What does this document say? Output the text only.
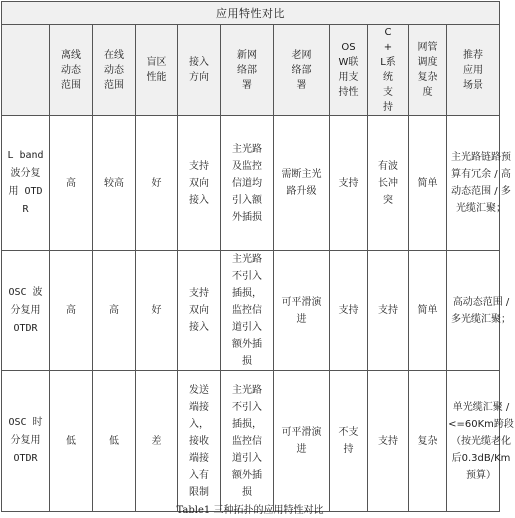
应用特性对比										
	离线动态范围	在线动态范围	盲区性能	接入方向	新网络部署	老网络部署	OSW联用支持性	C + L系统支持	网管调度复杂度	推荐应用场景
L band 波分复用 OTDR	高	较高	好	支持双向接入	主光路及监控信道均引入额外插损	需断主光路升级	支持	有波长冲突	简单	主光路链路预算有冗余 / 高动态范围 / 多光缆汇聚；
OSC 波分复用 OTDR	高	高	好	支持双向接入	主光路不引入插损，监控信道引入额外插损	可平滑演进	支持	支持	简单	高动态范围 / 多光缆汇聚；
OSC 时分复用 OTDR	低	低	差	发送端接入，接收端接入有限制	主光路不引入插损，监控信道引入额外插损	可平滑演进	不支持	支持	复杂	单光缆汇聚 / <=60Km跨段（按光缆老化后0.3dB/Km预算）
Table1 三种拓扑的应用特性对比
